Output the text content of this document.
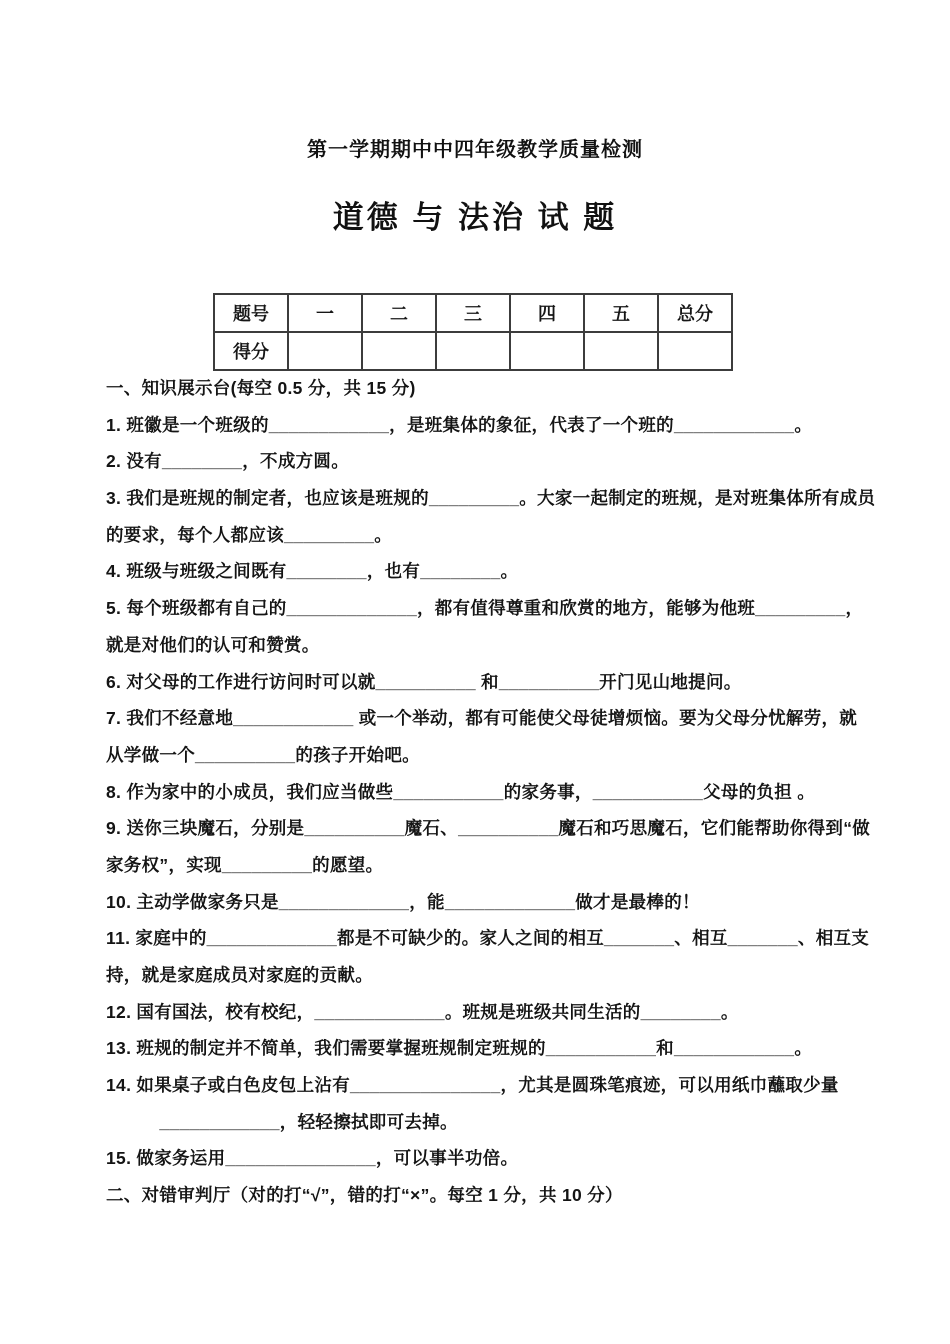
第一学期期中中四年级教学质量检测
道德 与 法治 试 题
题号	一	二	三	四	五	总分
得分						
一、知识展示台(每空 0.5 分，共 15 分)
1. 班徽是一个班级的____________，是班集体的象征，代表了一个班的____________。
2. 没有________，不成方圆。
3. 我们是班规的制定者，也应该是班规的_________。大家一起制定的班规，是对班集体所有成员
的要求，每个人都应该_________。
4. 班级与班级之间既有________，也有________。
5. 每个班级都有自己的_____________，都有值得尊重和欣赏的地方，能够为他班_________，
就是对他们的认可和赞赏。
6. 对父母的工作进行访问时可以就__________ 和__________开门见山地提问。
7. 我们不经意地____________ 或一个举动，都有可能使父母徒增烦恼。要为父母分忧解劳，就
从学做一个__________的孩子开始吧。
8. 作为家中的小成员，我们应当做些___________的家务事，___________父母的负担 。
9. 送你三块魔石，分别是__________魔石、__________魔石和巧思魔石，它们能帮助你得到“做
家务权”，实现_________的愿望。
10. 主动学做家务只是_____________，能_____________做才是最棒的！
11. 家庭中的_____________都是不可缺少的。家人之间的相互_______、相互_______、相互支
持，就是家庭成员对家庭的贡献。
12. 国有国法，校有校纪，_____________。班规是班级共同生活的________。
13. 班规的制定并不简单，我们需要掌握班规制定班规的___________和____________。
14. 如果桌子或白色皮包上沾有_______________，尤其是圆珠笔痕迹，可以用纸巾蘸取少量
　　　____________，轻轻擦拭即可去掉。
15. 做家务运用_______________，可以事半功倍。
二、对错审判厅（对的打“√”，错的打“×”。每空 1 分，共 10 分）
